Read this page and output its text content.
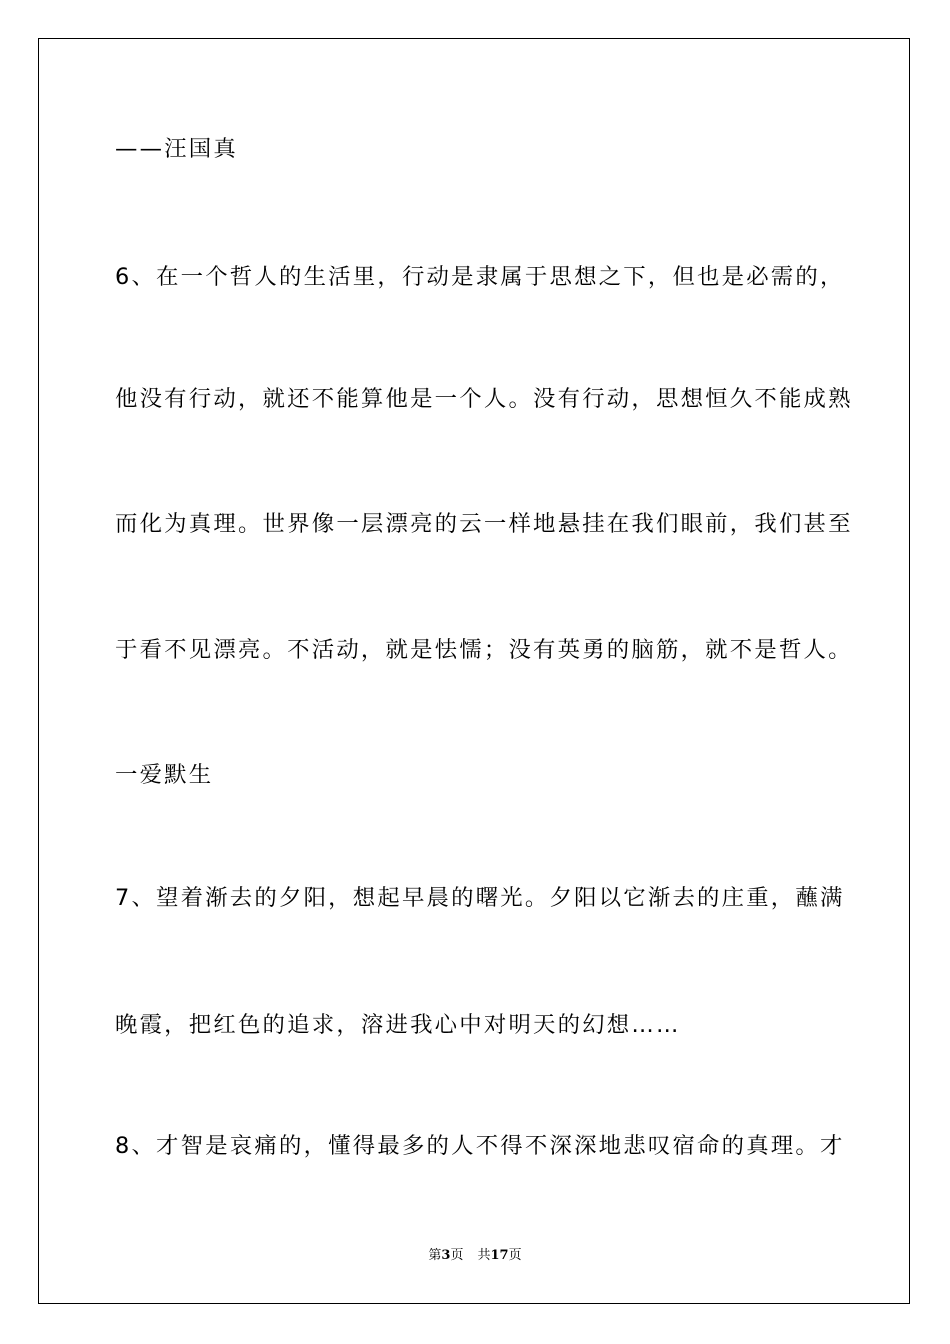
——汪国真
6、在一个哲人的生活里，行动是隶属于思想之下，但也是必需的，
他没有行动，就还不能算他是一个人。没有行动，思想恒久不能成熟
而化为真理。世界像一层漂亮的云一样地悬挂在我们眼前，我们甚至
于看不见漂亮。不活动，就是怯懦；没有英勇的脑筋，就不是哲人。
一爱默生
7、望着渐去的夕阳，想起早晨的曙光。夕阳以它渐去的庄重，蘸满
晚霞，把红色的追求，溶进我心中对明天的幻想……
8、才智是哀痛的，懂得最多的人不得不深深地悲叹宿命的真理。才
第3页 共17页
